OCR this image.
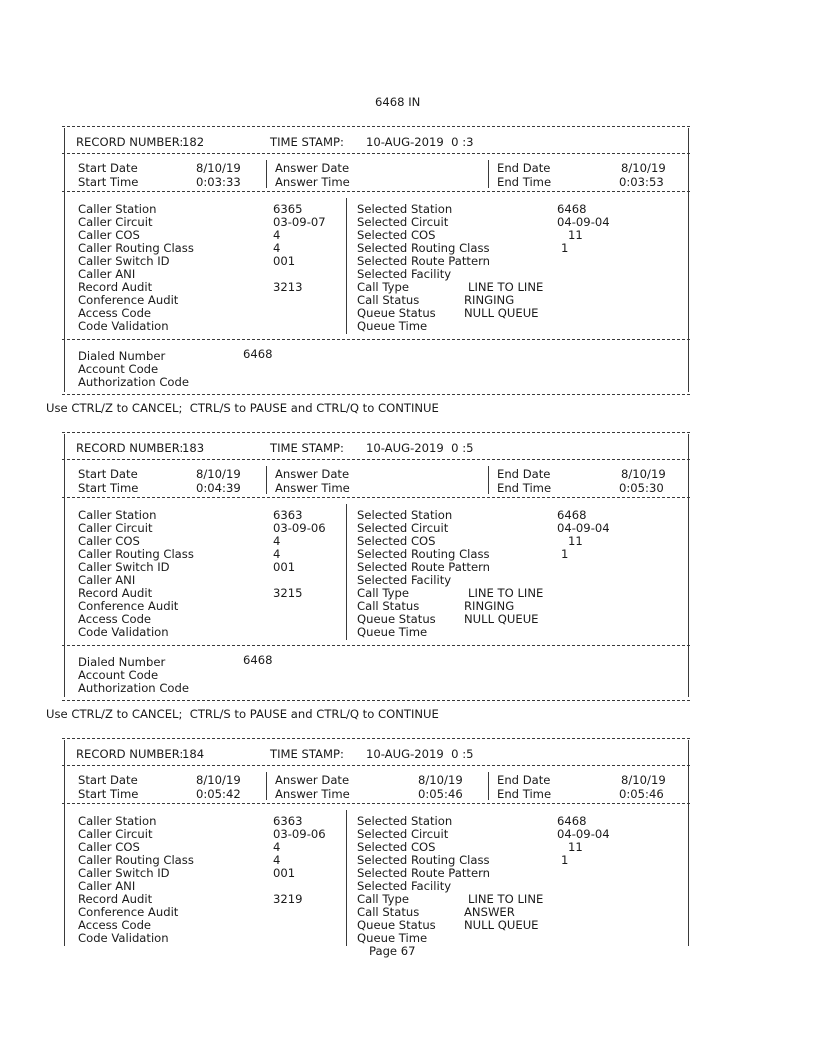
6468 IN
RECORD NUMBER:
182	TIME STAMP: 10-AUG-2019  0 :3
Start Date	8/10/19	Answer Date	End Date	8/10/19
Start Time	0:03:33	Answer Time	End Time	0:03:53
Caller Station	6365
Caller Circuit	03-09-07
Caller COS	4
Caller Routing Class	4
Caller Switch ID	001
Caller ANI
Record Audit	3213
Conference Audit
Access Code
Code Validation
Selected Station	6468
Selected Circuit	04-09-04
Selected COS	11
Selected Routing Class	1
Selected Route Pattern
Selected Facility
Call Type	LINE TO LINE
Call Status	RINGING
Queue Status NULL QUEUE
Queue Time
Dialed Number	6468
Account Code
Authorization Code
Use CTRL/Z to CANCEL;  CTRL/S to PAUSE and CTRL/Q to CONTINUE
RECORD NUMBER:
183	TIME STAMP: 10-AUG-2019  0 :5
Start Date	8/10/19	Answer Date	End Date	8/10/19
Start Time	0:04:39	Answer Time	End Time	0:05:30
Caller Station	6363
Caller Circuit	03-09-06
Caller COS	4
Caller Routing Class	4
Caller Switch ID	001
Caller ANI
Record Audit	3215
Conference Audit
Access Code
Code Validation
Selected Station	6468
Selected Circuit	04-09-04
Selected COS	11
Selected Routing Class	1
Selected Route Pattern
Selected Facility
Call Type	LINE TO LINE
Call Status	RINGING
Queue Status NULL QUEUE
Queue Time
Dialed Number	6468
Account Code
Authorization Code
Use CTRL/Z to CANCEL;  CTRL/S to PAUSE and CTRL/Q to CONTINUE
RECORD NUMBER:
184	TIME STAMP: 10-AUG-2019  0 :5
Start Date	8/10/19	Answer Date	8/10/19	End Date	8/10/19
Start Time	0:05:42	Answer Time	0:05:46	End Time	0:05:46
Caller Station	6363
Caller Circuit	03-09-06
Caller COS	4
Caller Routing Class	4
Caller Switch ID	001
Caller ANI
Record Audit	3219
Conference Audit
Access Code
Code Validation
Selected Station	6468
Selected Circuit	04-09-04
Selected COS	11
Selected Routing Class	1
Selected Route Pattern
Selected Facility
Call Type	LINE TO LINE
Call Status	ANSWER
Queue Status NULL QUEUE
Queue Time
Page 67
